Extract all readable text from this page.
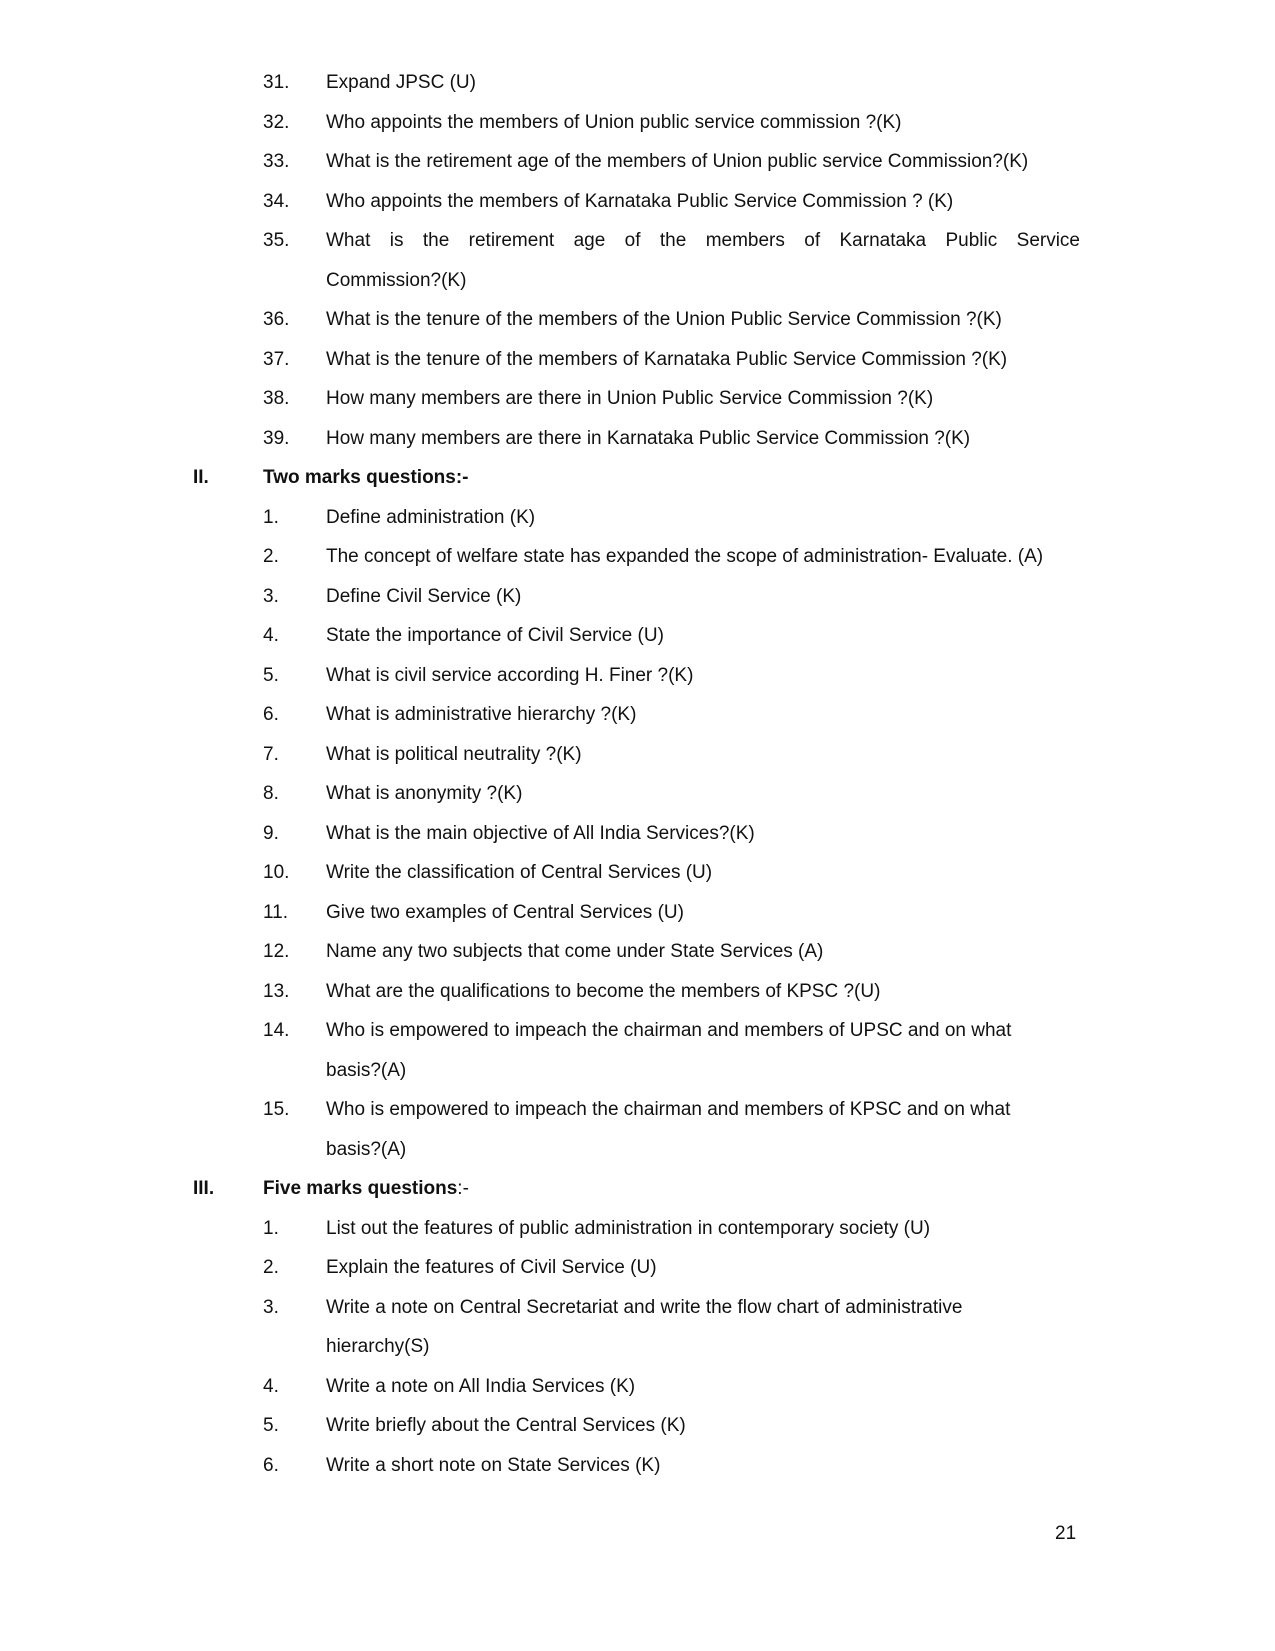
31. Expand JPSC (U)
32. Who appoints the members of Union public service commission ?(K)
33. What is the retirement age of the members of Union public service Commission?(K)
34. Who appoints the members of Karnataka Public Service Commission ? (K)
35. What is the retirement age of the members of Karnataka Public Service
Commission?(K)
36. What is the tenure of the members of the Union Public Service Commission ?(K)
37. What is the tenure of the members of Karnataka Public Service Commission ?(K)
38. How many members are there in Union Public Service Commission ?(K)
39. How many members are there in Karnataka Public Service Commission ?(K)
II.	Two marks questions:-
1. Define administration (K)
2. The concept of welfare state has expanded the scope of administration- Evaluate. (A)
3. Define Civil Service (K)
4. State the importance of Civil Service (U)
5. What is civil service according H. Finer ?(K)
6. What is administrative hierarchy ?(K)
7. What is political neutrality ?(K)
8. What is anonymity ?(K)
9. What is the main objective of All India Services?(K)
10. Write the classification of Central Services (U)
11. Give two examples of Central Services (U)
12. Name any two subjects that come under State Services (A)
13. What are the qualifications to become the members of KPSC ?(U)
14. Who is empowered to impeach the chairman and members of UPSC and on what
basis?(A)
15. Who is empowered to impeach the chairman and members of KPSC and on what
basis?(A)
III.	Five marks questions:-
1. List out the features of public administration in contemporary society (U)
2. Explain the features of Civil Service (U)
3. Write a note on Central Secretariat and write the flow chart of administrative
hierarchy(S)
4. Write a note on All India Services (K)
5. Write briefly about the Central Services (K)
6. Write a short note on State Services (K)
21
